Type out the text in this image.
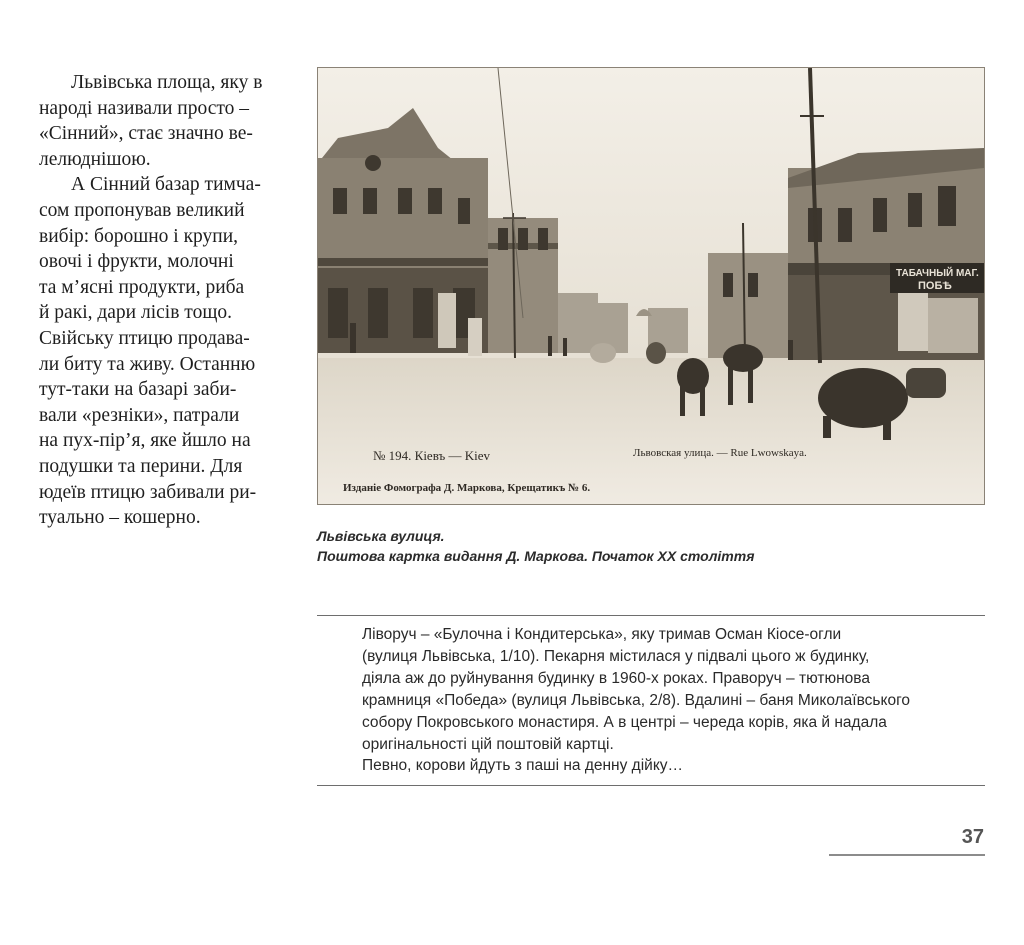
Львівська площа, яку в
народі називали просто –
«Сінний», стає значно ве-
лелюднішою.

А Сінний базар тимча-
сом пропонував великий
вибір: борошно і крупи,
овочі і фрукти, молочні
та м’ясні продукти, риба
й ракі, дари лісів тощо.
Свійську птицю продава-
ли биту та живу. Останню
тут-таки на базарі заби-
вали «резніки», патрали
на пух-пір’я, яке йшло на
подушки та перини. Для
юдеїв птицю забивали ри-
туально – кошерно.

ТАБАЧНЫЙ МАГ.
ПОБѢ
№ 194. Кіевъ — Kiev	Львовская улица. — Rue Lwowskaya.
Изданіе Фомографа Д. Маркова, Крещатикъ № 6.
Львівська вулиця.
Поштова картка видання Д. Маркова. Початок XX століття
Ліворуч – «Булочна і Кондитерська», яку тримав Осман Кіосе-огли
(вулиця Львівська, 1/10). Пекарня містилася у підвалі цього ж будинку,
діяла аж до руйнування будинку в 1960-х роках. Праворуч – тютюнова
крамниця «Победа» (вулиця Львівська, 2/8). Вдалині – баня Миколаївського
собору Покровського монастиря. А в центрі – череда корів, яка й надала
оригінальності цій поштовій картці.
Певно, корови йдуть з паші на денну дійку…
37
